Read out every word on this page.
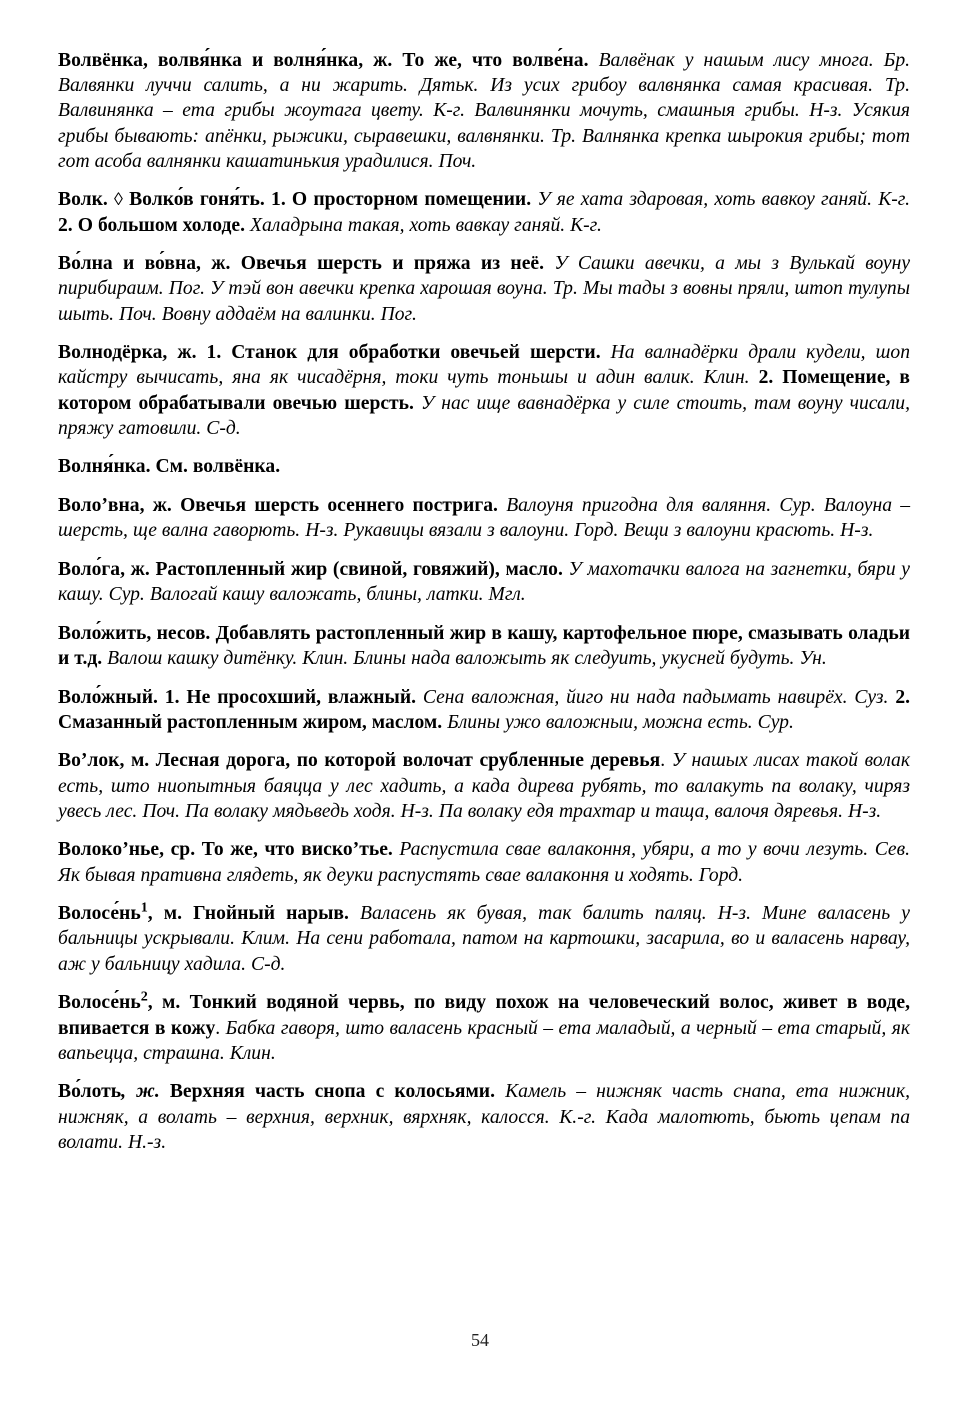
Волвёнка, волвя́нка и волня́нка, ж. То же, что волве́на. Валвёнак у нашым лису многа. Бр. Валвянки луччи салить, а ни жарить. Дятьк. Из усих грибоу валвнянка самая красивая. Тр. Валвинянка – ета грибы жоутага цвету. К-г. Валвинянки мочуть, смашныя грибы. Н-з. Усякия грибы бывають: апёнки, рыжики, сыравешки, валвнянки. Тр. Валнянка крепка шырокия грибы; тот гот асоба валнянки кашатинькия урадилися. Поч.

Волк. ◊ Волко́в гоня́ть. 1. О просторном помещении. У яе хата здаровая, хоть вавкоу ганяй. К-г. 2. О большом холоде. Халадрына такая, хоть вавкау ганяй. К-г.

Во́лна и во́вна, ж. Овечья шерсть и пряжа из неё. У Сашки авечки, а мы з Вулькай воуну пирибираим. Пог. У тэй вон авечки крепка харошая воуна. Тр. Мы тады з вовны пряли, штоп тулупы шыть. Поч. Вовну аддаём на валинки. Пог.

Волнодёрка, ж. 1. Станок для обработки овечьей шерсти. На валнадёрки драли кудели, шоп кайстру вычисать, яна як чисадёрня, токи чуть тоньшы и адин валик. Клин. 2. Помещение, в котором обрабатывали овечью шерсть. У нас ище вавнадёрка у силе стоить, там воуну чисали, пряжу гатовили. С-д.

Волня́нка. См. волвёнка.

Воло’вна, ж. Овечья шерсть осеннего пострига. Валоуня пригодна для валяння. Сур. Валоуна – шерсть, ще вална гаворють. Н-з. Рукавицы вязали з валоуни. Горд. Вещи з валоуни красють. Н-з.

Воло́га, ж. Растопленный жир (свиной, говяжий), масло. У махотачки валога на загнетки, бяри у кашу. Сур. Валогай кашу валожать, блины, латки. Мгл.

Воло́жить, несов. Добавлять растопленный жир в кашу, картофельное пюре, смазывать оладьи и т.д. Валош кашку дитёнку. Клин. Блины нада валожыть як следуить, укусней будуть. Ун.

Воло́жный. 1. Не просохший, влажный. Сена валожная, йиго ни нада падымать навирёх. Суз. 2. Смазанный растопленным жиром, маслом. Блины ужо валожныи, можна есть. Сур.

Во’лок, м. Лесная дорога, по которой волочат срубленные деревья. У нашых лисах такой волак есть, што ниопытныя баяцца у лес хадить, а када дирева рубять, то валакуть па волаку, чиряз увесь лес. Поч. Па волаку мядьведь ходя. Н-з. Па волаку едя трахтар и таща, валочя дяревья. Н-з.

Волоко’нье, ср. То же, что виско’тье. Распустила свае валаконня, убяри, а то у вочи лезуть. Сев. Як бывая пративна глядеть, як деуки распустять свае валаконня и ходять. Горд.

$Волосе́нь^1$, м. Гнойный нарыв. Валасень як бувая, так балить паляц. Н-з. Мине валасень у бальницы ускрывали. Клим. На сени работала, патом на картошки, засарила, во и валасень нарвау, аж у бальницу хадила. С-д.

$Волосе́нь^2$, м. Тонкий водяной червь, по виду похож на человеческий волос, живет в воде, впивается в кожу. Бабка гаворя, што валасень красный – ета маладый, а черный – ета старый, як вапьецца, страшна. Клин.

Во́лоть, ж. Верхняя часть снопа с колосьями. Камель – нижняк часть снапа, ета нижник, нижняк, а волать – верхния, верхник, вярхняк, калосся. К.-г. Када малотють, бьють цепам па волати. Н.-з.

54
